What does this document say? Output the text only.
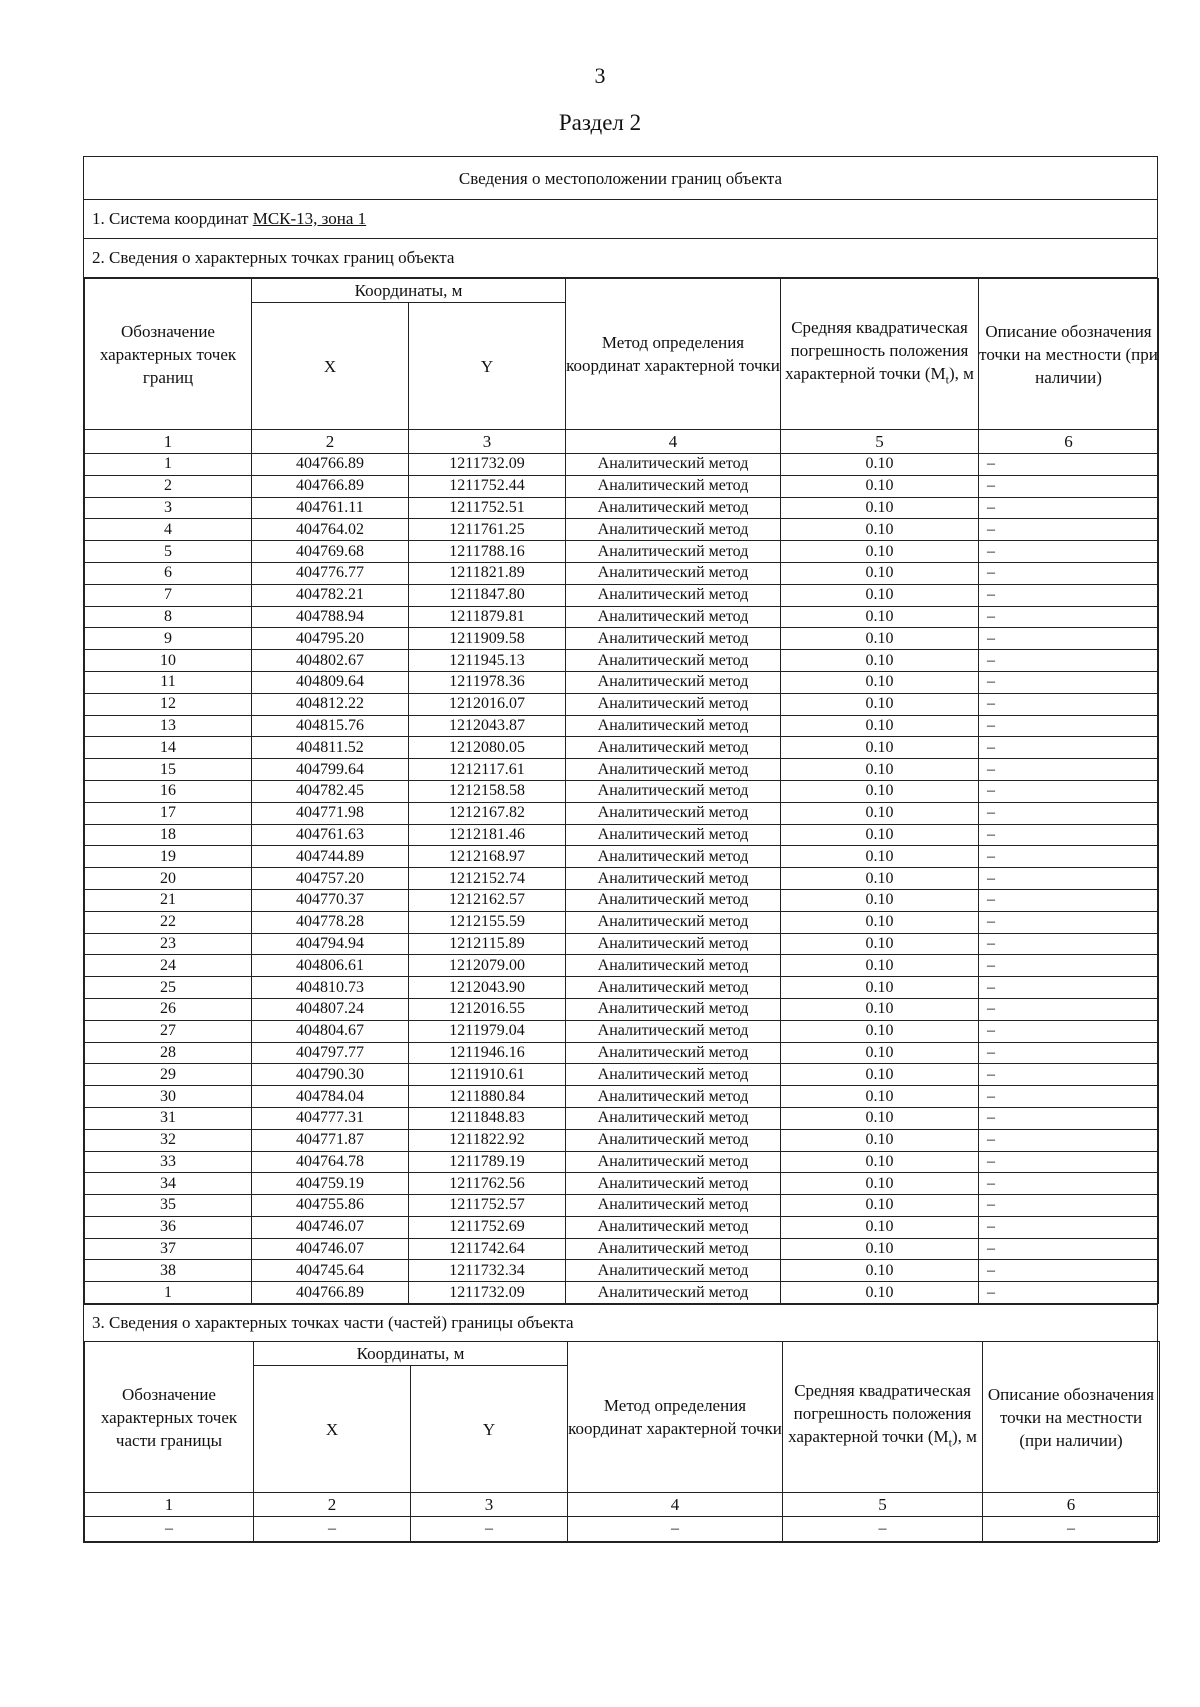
3
Раздел 2
Сведения о местоположении границ объекта
1. Система координат МСК-13, зона 1
2. Сведения о характерных точках границ объекта
Обозначение характерных точек границ	Координаты, м		Метод определения координат характерной точки	Средняя квадратическая погрешность положения характерной точки $(M_t)$, м	Описание обозначения точки на местности (при наличии)
	X	Y			
1	2	3	4	5	6
1	404766.89	1211732.09	Аналитический метод	0.10	–
2	404766.89	1211752.44	Аналитический метод	0.10	–
3	404761.11	1211752.51	Аналитический метод	0.10	–
4	404764.02	1211761.25	Аналитический метод	0.10	–
5	404769.68	1211788.16	Аналитический метод	0.10	–
6	404776.77	1211821.89	Аналитический метод	0.10	–
7	404782.21	1211847.80	Аналитический метод	0.10	–
8	404788.94	1211879.81	Аналитический метод	0.10	–
9	404795.20	1211909.58	Аналитический метод	0.10	–
10	404802.67	1211945.13	Аналитический метод	0.10	–
11	404809.64	1211978.36	Аналитический метод	0.10	–
12	404812.22	1212016.07	Аналитический метод	0.10	–
13	404815.76	1212043.87	Аналитический метод	0.10	–
14	404811.52	1212080.05	Аналитический метод	0.10	–
15	404799.64	1212117.61	Аналитический метод	0.10	–
16	404782.45	1212158.58	Аналитический метод	0.10	–
17	404771.98	1212167.82	Аналитический метод	0.10	–
18	404761.63	1212181.46	Аналитический метод	0.10	–
19	404744.89	1212168.97	Аналитический метод	0.10	–
20	404757.20	1212152.74	Аналитический метод	0.10	–
21	404770.37	1212162.57	Аналитический метод	0.10	–
22	404778.28	1212155.59	Аналитический метод	0.10	–
23	404794.94	1212115.89	Аналитический метод	0.10	–
24	404806.61	1212079.00	Аналитический метод	0.10	–
25	404810.73	1212043.90	Аналитический метод	0.10	–
26	404807.24	1212016.55	Аналитический метод	0.10	–
27	404804.67	1211979.04	Аналитический метод	0.10	–
28	404797.77	1211946.16	Аналитический метод	0.10	–
29	404790.30	1211910.61	Аналитический метод	0.10	–
30	404784.04	1211880.84	Аналитический метод	0.10	–
31	404777.31	1211848.83	Аналитический метод	0.10	–
32	404771.87	1211822.92	Аналитический метод	0.10	–
33	404764.78	1211789.19	Аналитический метод	0.10	–
34	404759.19	1211762.56	Аналитический метод	0.10	–
35	404755.86	1211752.57	Аналитический метод	0.10	–
36	404746.07	1211752.69	Аналитический метод	0.10	–
37	404746.07	1211742.64	Аналитический метод	0.10	–
38	404745.64	1211732.34	Аналитический метод	0.10	–
1	404766.89	1211732.09	Аналитический метод	0.10	–
3. Сведения о характерных точках части (частей) границы объекта
Обозначение характерных точек части границы	Координаты, м		Метод определения координат характерной точки	Средняя квадратическая погрешность положения характерной точки $(M_t)$, м	Описание обозначения точки на местности (при наличии)
	X	Y			
1	2	3	4	5	6
–	–	–	–	–	–
